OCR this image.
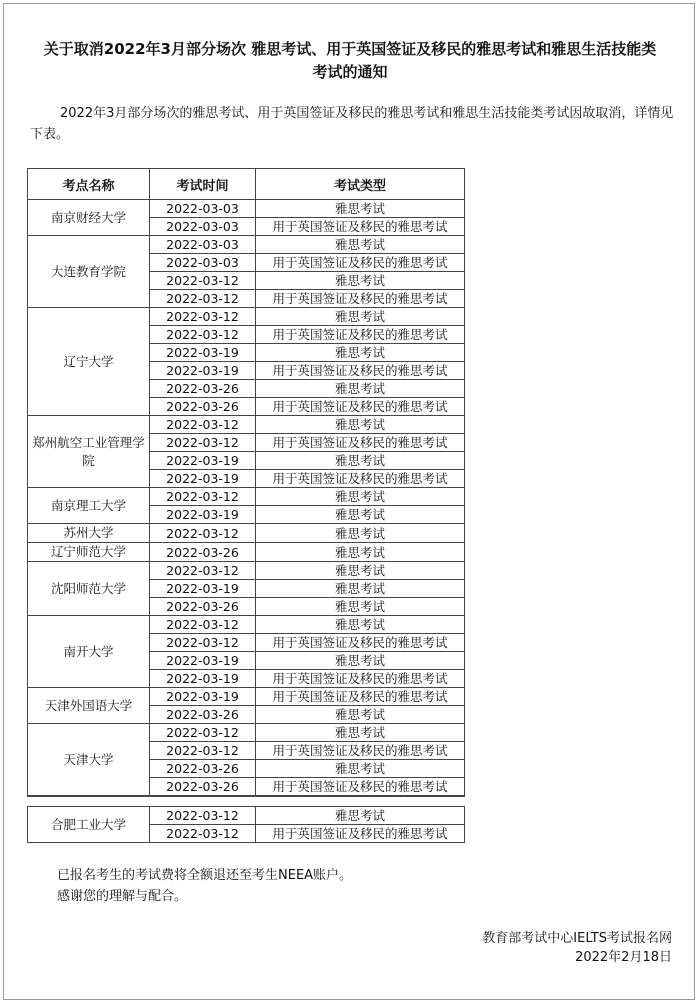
关于取消2022年3月部分场次 雅思考试、用于英国签证及移民的雅思考试和雅思生活技能类
考试的通知

2022年3月部分场次的雅思考试、用于英国签证及移民的雅思考试和雅思生活技能类考试因故取消，详情见下表。

考点名称	考试时间	考试类型
南京财经大学	2022-03-03	雅思考试
	2022-03-03	用于英国签证及移民的雅思考试
大连教育学院	2022-03-03	雅思考试
	2022-03-03	用于英国签证及移民的雅思考试
	2022-03-12	雅思考试
	2022-03-12	用于英国签证及移民的雅思考试
辽宁大学	2022-03-12	雅思考试
	2022-03-12	用于英国签证及移民的雅思考试
	2022-03-19	雅思考试
	2022-03-19	用于英国签证及移民的雅思考试
	2022-03-26	雅思考试
	2022-03-26	用于英国签证及移民的雅思考试
郑州航空工业管理学院	2022-03-12	雅思考试
	2022-03-12	用于英国签证及移民的雅思考试
	2022-03-19	雅思考试
	2022-03-19	用于英国签证及移民的雅思考试
南京理工大学	2022-03-12	雅思考试
	2022-03-19	雅思考试
苏州大学	2022-03-12	雅思考试
辽宁师范大学	2022-03-26	雅思考试
沈阳师范大学	2022-03-12	雅思考试
	2022-03-19	雅思考试
	2022-03-26	雅思考试
南开大学	2022-03-12	雅思考试
	2022-03-12	用于英国签证及移民的雅思考试
	2022-03-19	雅思考试
	2022-03-19	用于英国签证及移民的雅思考试
天津外国语大学	2022-03-19	用于英国签证及移民的雅思考试
	2022-03-26	雅思考试
天津大学	2022-03-12	雅思考试
	2022-03-12	用于英国签证及移民的雅思考试
	2022-03-26	雅思考试
	2022-03-26	用于英国签证及移民的雅思考试

合肥工业大学	2022-03-12	雅思考试
	2022-03-12	用于英国签证及移民的雅思考试

已报名考生的考试费将全额退还至考生NEEA账户。

感谢您的理解与配合。

教育部考试中心IELTS考试报名网

2022年2月18日
